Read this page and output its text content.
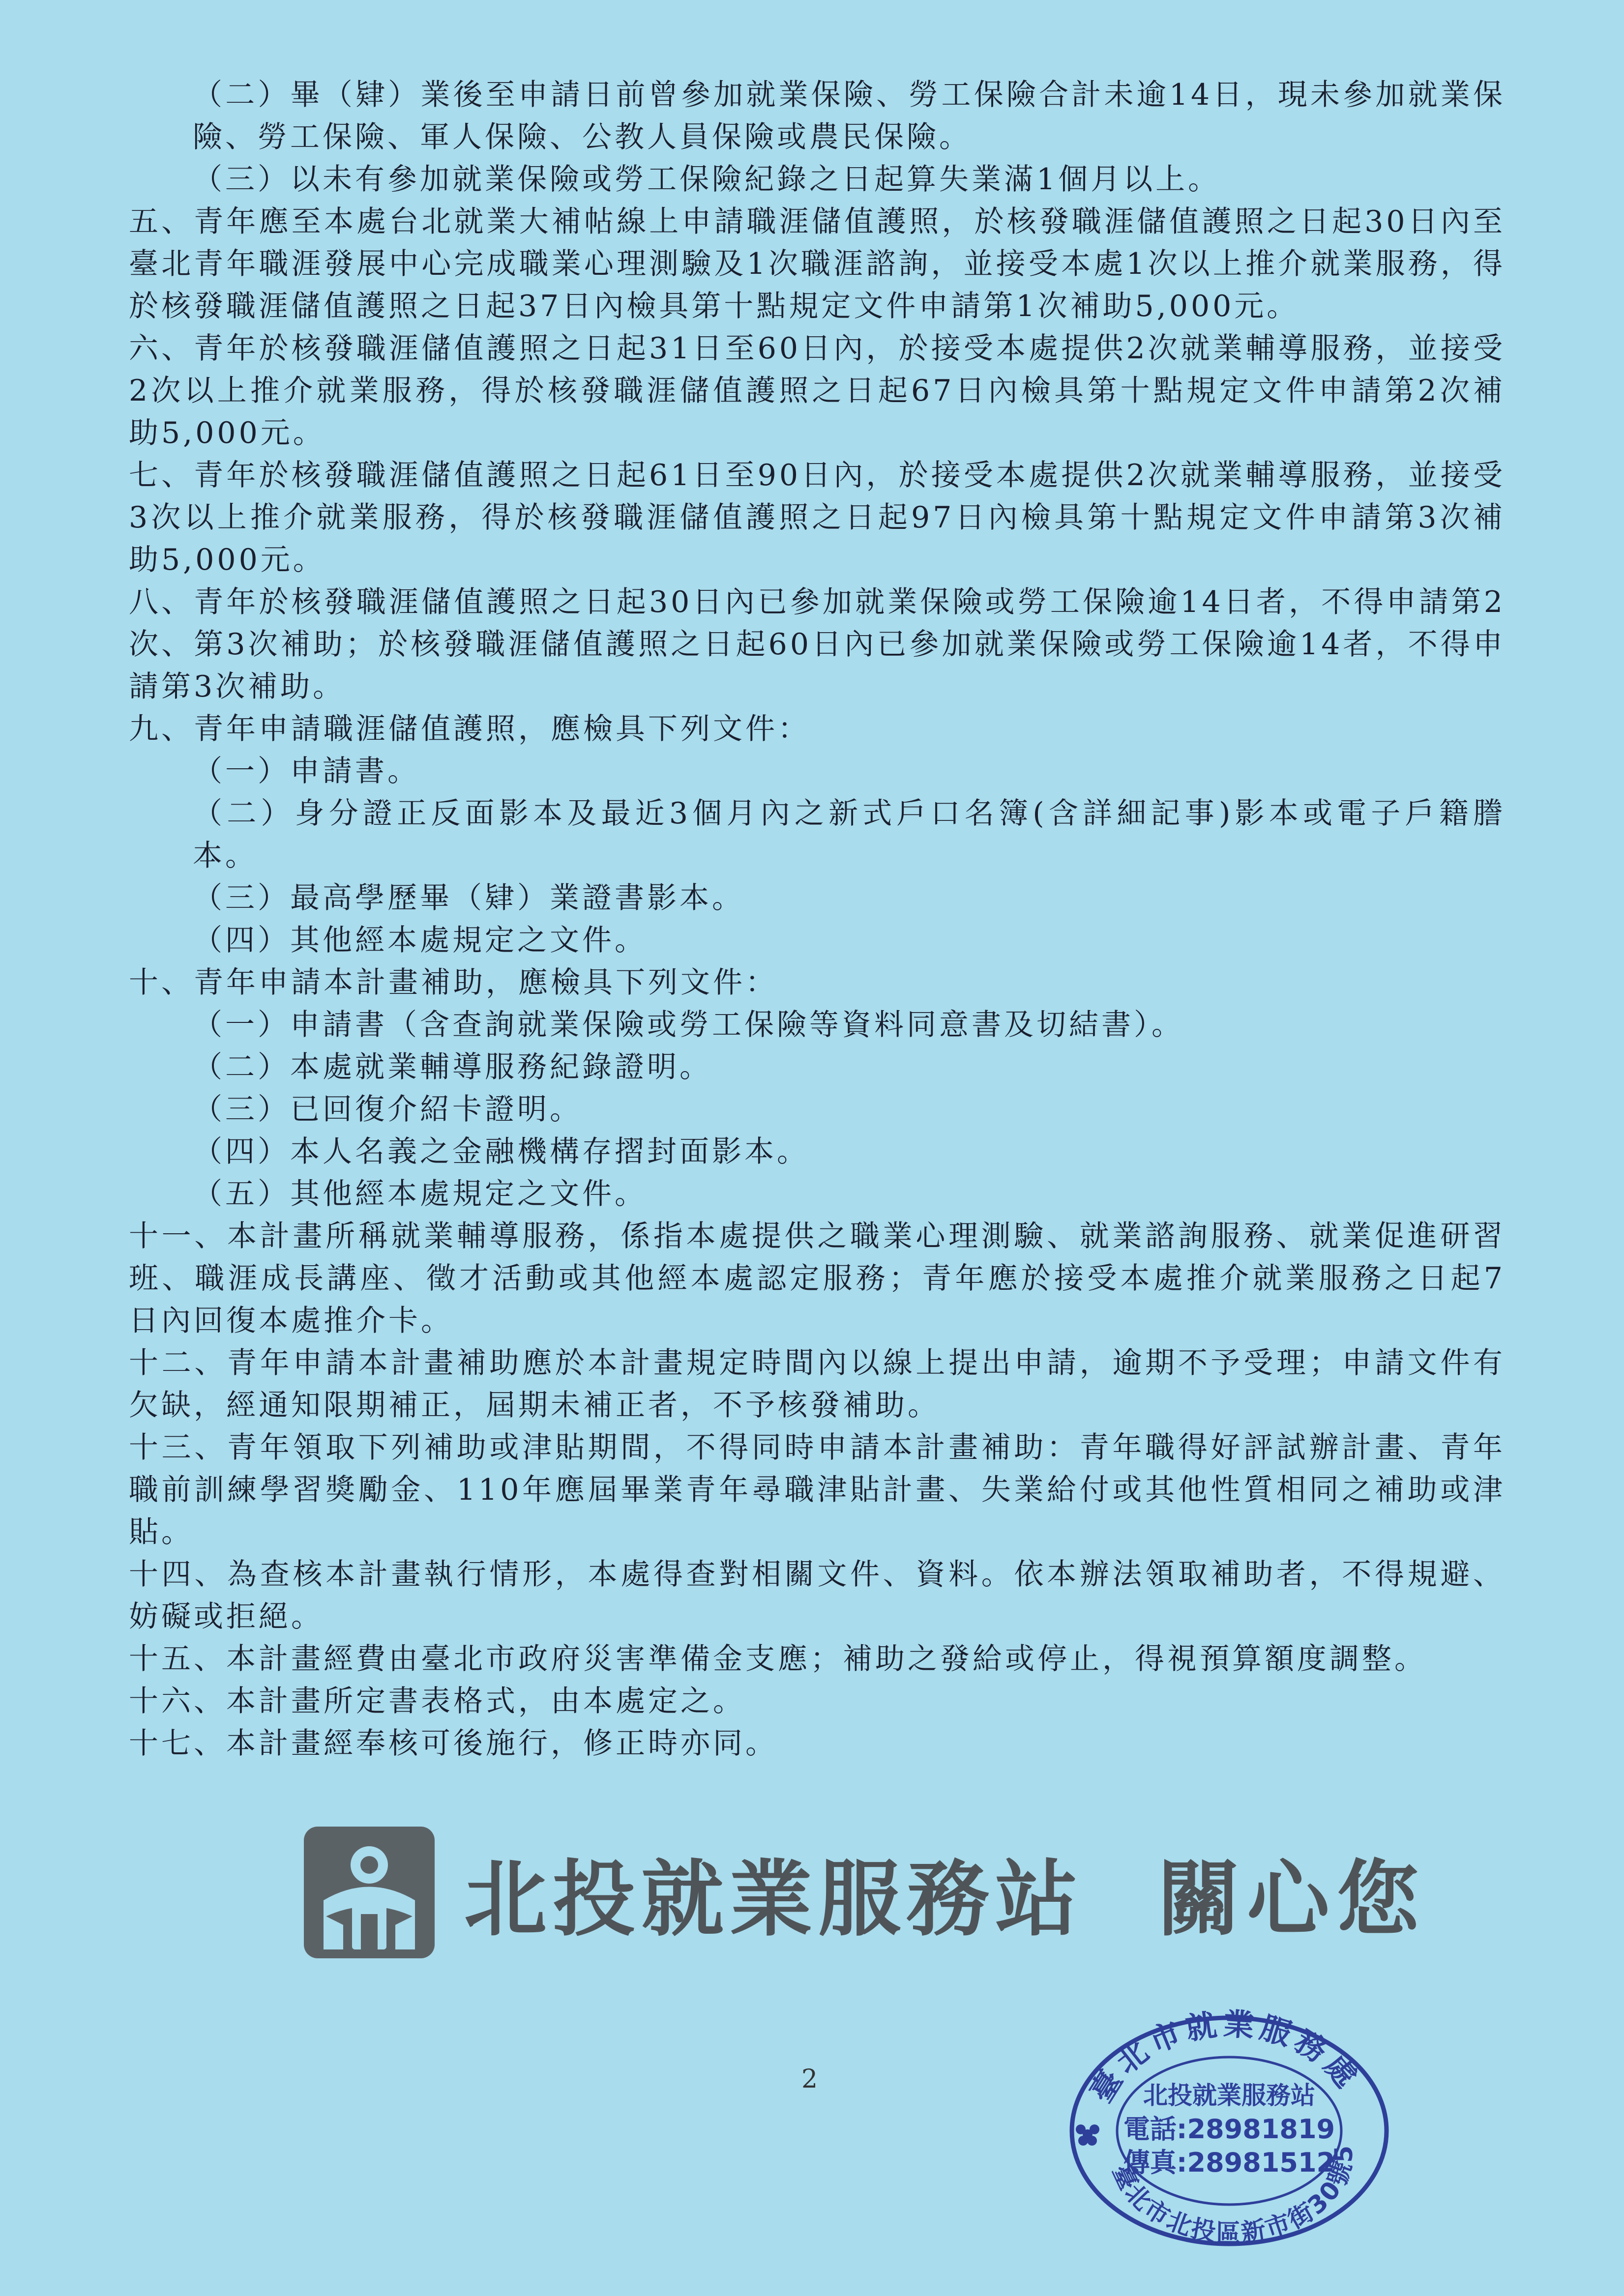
（二）畢（肄）業後至申請日前曾參加就業保險、勞工保險合計未逾14日，現未參加就業保險、勞工保險、軍人保險、公教人員保險或農民保險。

（三）以未有參加就業保險或勞工保險紀錄之日起算失業滿1個月以上。

五、青年應至本處台北就業大補帖線上申請職涯儲值護照，於核發職涯儲值護照之日起30日內至臺北青年職涯發展中心完成職業心理測驗及1次職涯諮詢，並接受本處1次以上推介就業服務，得於核發職涯儲值護照之日起37日內檢具第十點規定文件申請第1次補助5,000元。

六、青年於核發職涯儲值護照之日起31日至60日內，於接受本處提供2次就業輔導服務，並接受2次以上推介就業服務，得於核發職涯儲值護照之日起67日內檢具第十點規定文件申請第2次補助5,000元。

七、青年於核發職涯儲值護照之日起61日至90日內，於接受本處提供2次就業輔導服務，並接受3次以上推介就業服務，得於核發職涯儲值護照之日起97日內檢具第十點規定文件申請第3次補助5,000元。

八、青年於核發職涯儲值護照之日起30日內已參加就業保險或勞工保險逾14日者，不得申請第2次、第3次補助；於核發職涯儲值護照之日起60日內已參加就業保險或勞工保險逾14者，不得申請第3次補助。

九、青年申請職涯儲值護照，應檢具下列文件：

（一）申請書。

（二）身分證正反面影本及最近3個月內之新式戶口名簿(含詳細記事)影本或電子戶籍謄本。

（三）最高學歷畢（肄）業證書影本。

（四）其他經本處規定之文件。

十、青年申請本計畫補助，應檢具下列文件：

（一）申請書（含查詢就業保險或勞工保險等資料同意書及切結書）。

（二）本處就業輔導服務紀錄證明。

（三）已回復介紹卡證明。

（四）本人名義之金融機構存摺封面影本。

（五）其他經本處規定之文件。

十一、本計畫所稱就業輔導服務，係指本處提供之職業心理測驗、就業諮詢服務、就業促進研習班、職涯成長講座、徵才活動或其他經本處認定服務；青年應於接受本處推介就業服務之日起7日內回復本處推介卡。

十二、青年申請本計畫補助應於本計畫規定時間內以線上提出申請，逾期不予受理；申請文件有欠缺，經通知限期補正，屆期未補正者，不予核發補助。

十三、青年領取下列補助或津貼期間，不得同時申請本計畫補助：青年職得好評試辦計畫、青年職前訓練學習獎勵金、110年應屆畢業青年尋職津貼計畫、失業給付或其他性質相同之補助或津貼。

十四、為查核本計畫執行情形，本處得查對相關文件、資料。依本辦法領取補助者，不得規避、妨礙或拒絕。

十五、本計畫經費由臺北市政府災害準備金支應；補助之發給或停止，得視預算額度調整。

十六、本計畫所定書表格式，由本處定之。

十七、本計畫經奉核可後施行，修正時亦同。

北投就業服務站 關心您
2	臺北市就業服務處
臺北市北投區新市街30號5
北投就業服務站
電話:28981819
傳真:28981512
